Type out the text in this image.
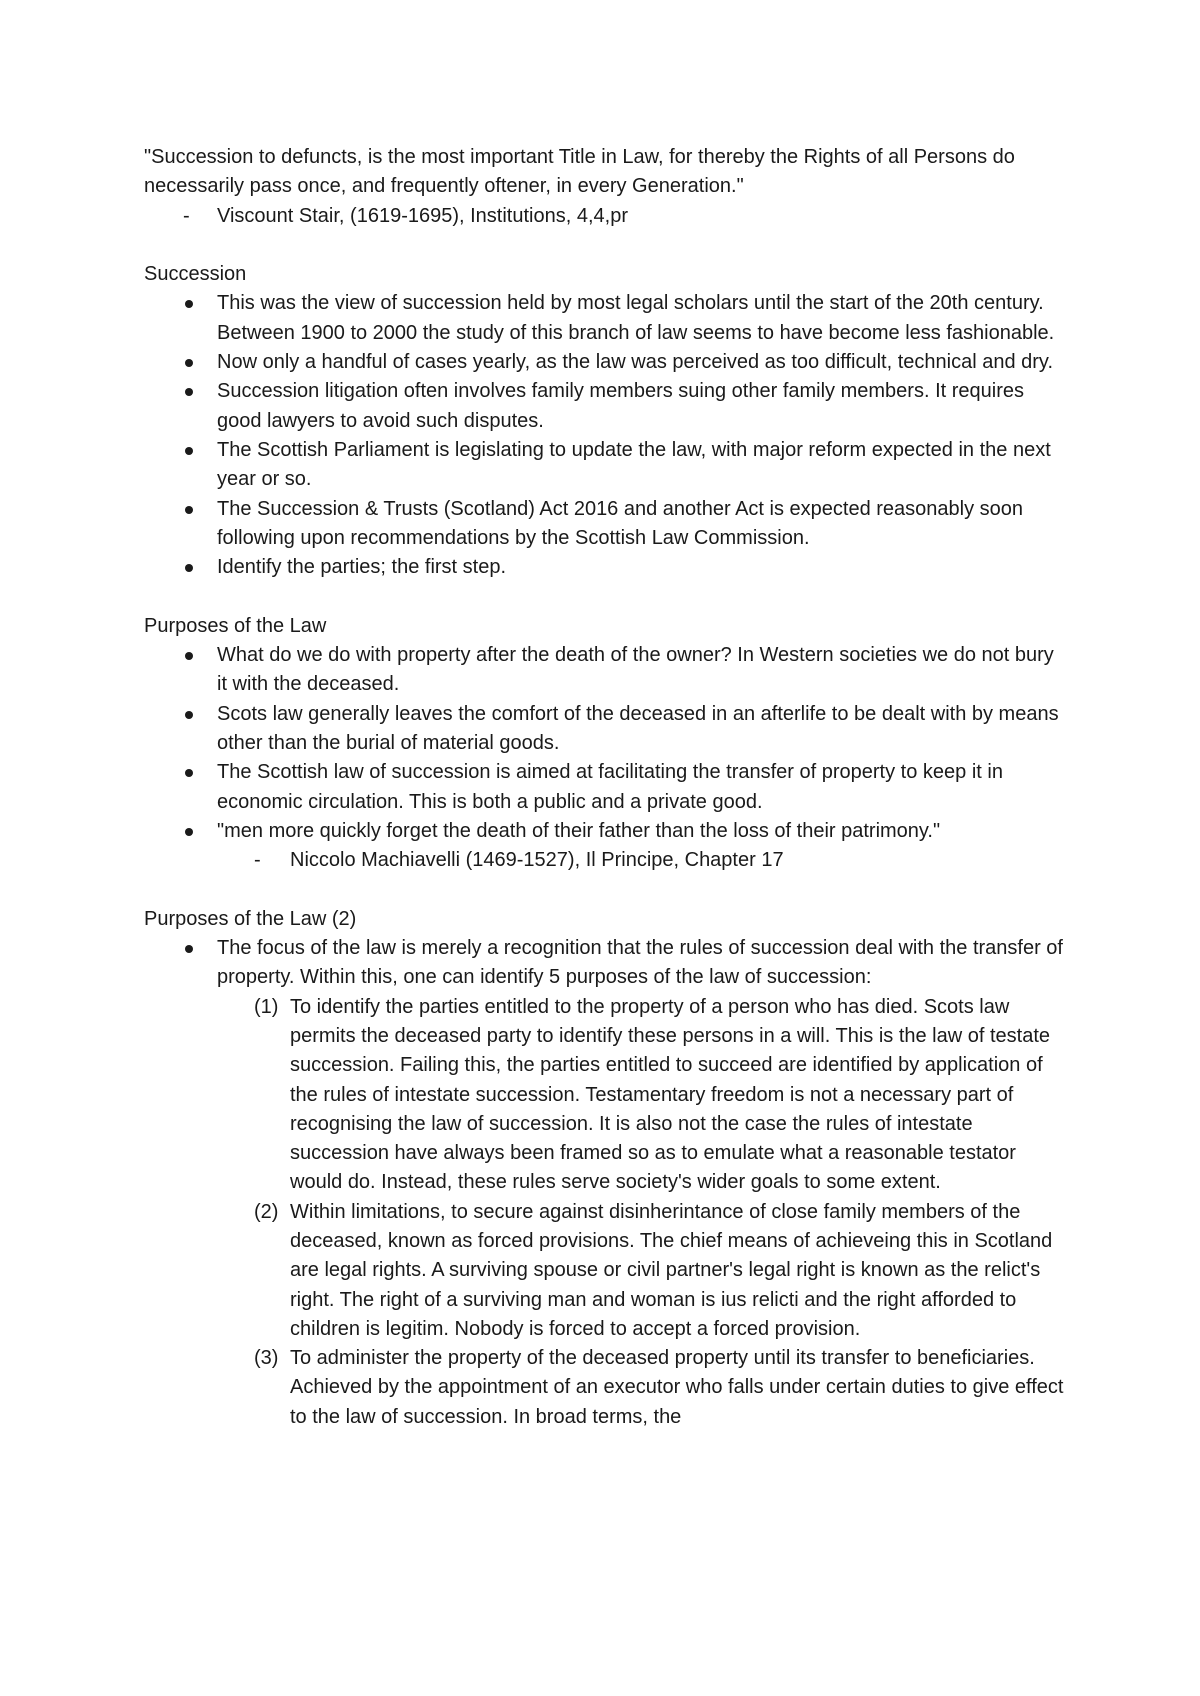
"Succession to defuncts, is the most important Title in Law, for thereby the Rights of all Persons do necessarily pass once, and frequently oftener, in every Generation."

- Viscount Stair, (1619-1695), Institutions, 4,4,pr

Succession

This was the view of succession held by most legal scholars until the start of the 20th century. Between 1900 to 2000 the study of this branch of law seems to have become less fashionable.
Now only a handful of cases yearly, as the law was perceived as too difficult, technical and dry.
Succession litigation often involves family members suing other family members. It requires good lawyers to avoid such disputes.
The Scottish Parliament is legislating to update the law, with major reform expected in the next year or so.
The Succession & Trusts (Scotland) Act 2016 and another Act is expected reasonably soon following upon recommendations by the Scottish Law Commission.
Identify the parties; the first step.

Purposes of the Law

What do we do with property after the death of the owner? In Western societies we do not bury it with the deceased.
Scots law generally leaves the comfort of the deceased in an afterlife to be dealt with by means other than the burial of material goods.
The Scottish law of succession is aimed at facilitating the transfer of property to keep it in economic circulation. This is both a public and a private good.
"men more quickly forget the death of their father than the loss of their patrimony."
- Niccolo Machiavelli (1469-1527), Il Principe, Chapter 17

Purposes of the Law (2)

The focus of the law is merely a recognition that the rules of succession deal with the transfer of property. Within this, one can identify 5 purposes of the law of succession:
(1) To identify the parties entitled to the property of a person who has died. Scots law permits the deceased party to identify these persons in a will. This is the law of testate succession. Failing this, the parties entitled to succeed are identified by application of the rules of intestate succession. Testamentary freedom is not a necessary part of recognising the law of succession. It is also not the case the rules of intestate succession have always been framed so as to emulate what a reasonable testator would do. Instead, these rules serve society's wider goals to some extent.
(2) Within limitations, to secure against disinherintance of close family members of the deceased, known as forced provisions. The chief means of achieveing this in Scotland are legal rights. A surviving spouse or civil partner's legal right is known as the relict's right. The right of a surviving man and woman is ius relicti and the right afforded to children is legitim. Nobody is forced to accept a forced provision.
(3) To administer the property of the deceased property until its transfer to beneficiaries. Achieved by the appointment of an executor who falls under certain duties to give effect to the law of succession. In broad terms, the
